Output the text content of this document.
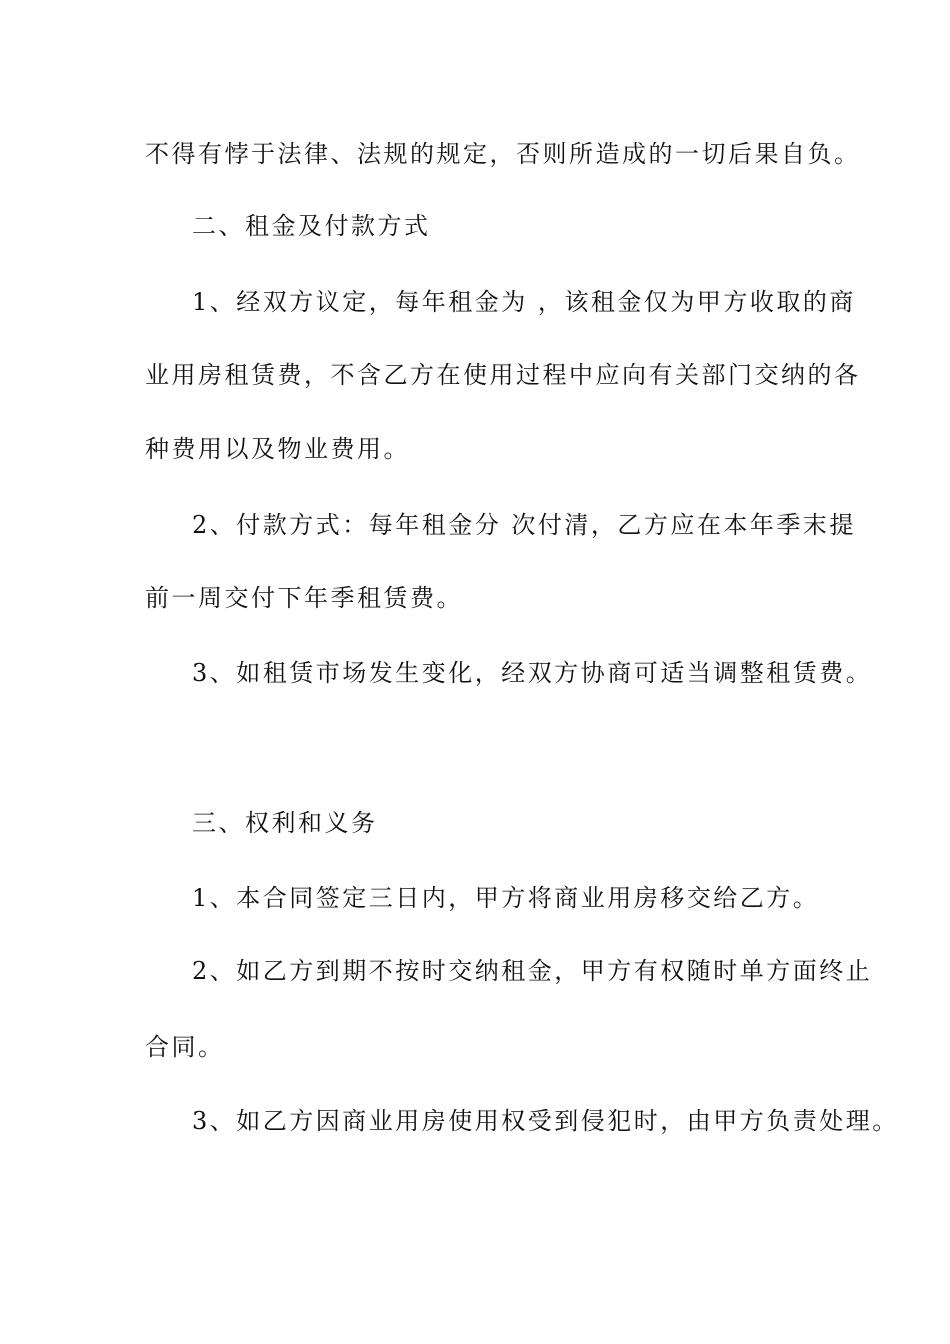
不得有悖于法律、法规的规定，否则所造成的一切后果自负。
二、租金及付款方式
1、经双方议定，每年租金为 ，该租金仅为甲方收取的商
业用房租赁费，不含乙方在使用过程中应向有关部门交纳的各
种费用以及物业费用。
2、付款方式：每年租金分 次付清，乙方应在本年季末提
前一周交付下年季租赁费。
3、如租赁市场发生变化，经双方协商可适当调整租赁费。
三、权利和义务
1、本合同签定三日内，甲方将商业用房移交给乙方。
2、如乙方到期不按时交纳租金，甲方有权随时单方面终止
合同。
3、如乙方因商业用房使用权受到侵犯时，由甲方负责处理。
